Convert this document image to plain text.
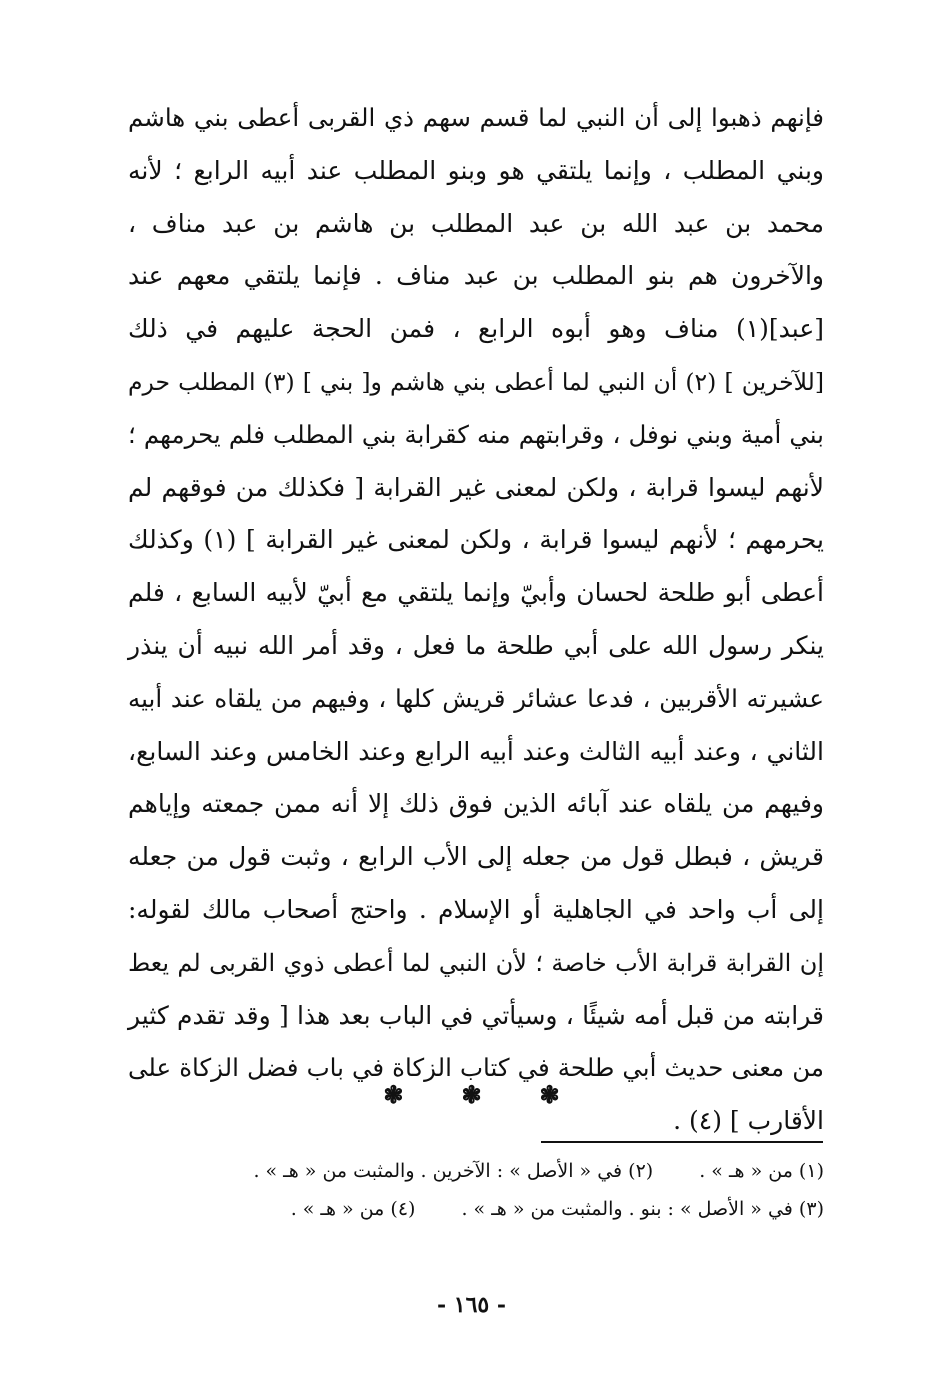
فإنهم ذهبوا إلى أن النبي لما قسم سهم ذي القربى أعطى بني هاشم
وبني المطلب ، وإنما يلتقي هو وبنو المطلب عند أبيه الرابع ؛ لأنه
محمد بن عبد الله بن عبد المطلب بن هاشم بن عبد مناف ،
والآخرون هم بنو المطلب بن عبد مناف . فإنما يلتقي معهم عند
[عبد](١) مناف وهو أبوه الرابع ، فمن الحجة عليهم في ذلك
[للآخرين ] (٢) أن النبي لما أعطى بني هاشم و[ بني ] (٣) المطلب حرم
بني أمية وبني نوفل ، وقرابتهم منه كقرابة بني المطلب فلم يحرمهم ؛
لأنهم ليسوا قرابة ، ولكن لمعنى غير القرابة [ فكذلك من فوقهم لم
يحرمهم ؛ لأنهم ليسوا قرابة ، ولكن لمعنى غير القرابة ] (١) وكذلك
أعطى أبو طلحة لحسان وأبيّ وإنما يلتقي مع أبيّ لأبيه السابع ، فلم
ينكر رسول الله على أبي طلحة ما فعل ، وقد أمر الله نبيه أن ينذر
عشيرته الأقربين ، فدعا عشائر قريش كلها ، وفيهم من يلقاه عند أبيه
الثاني ، وعند أبيه الثالث وعند أبيه الرابع وعند الخامس وعند السابع،
وفيهم من يلقاه عند آبائه الذين فوق ذلك إلا أنه ممن جمعته وإياهم
قريش ، فبطل قول من جعله إلى الأب الرابع ، وثبت قول من جعله
إلى أب واحد في الجاهلية أو الإسلام . واحتج أصحاب مالك لقوله:
إن القرابة قرابة الأب خاصة ؛ لأن النبي لما أعطى ذوي القربى لم يعط
قرابته من قبل أمه شيئًا ، وسيأتي في الباب بعد هذا [ وقد تقدم كثير
من معنى حديث أبي طلحة في كتاب الزكاة في باب فضل الزكاة على
الأقارب ] (٤) .
❃ ❃ ❃
(١) من « هـ » .(٢) في « الأصل » : الآخرين . والمثبت من « هـ » .
(٣) في « الأصل » : بنو . والمثبت من « هـ » .(٤) من « هـ » .
- ١٦٥ -
